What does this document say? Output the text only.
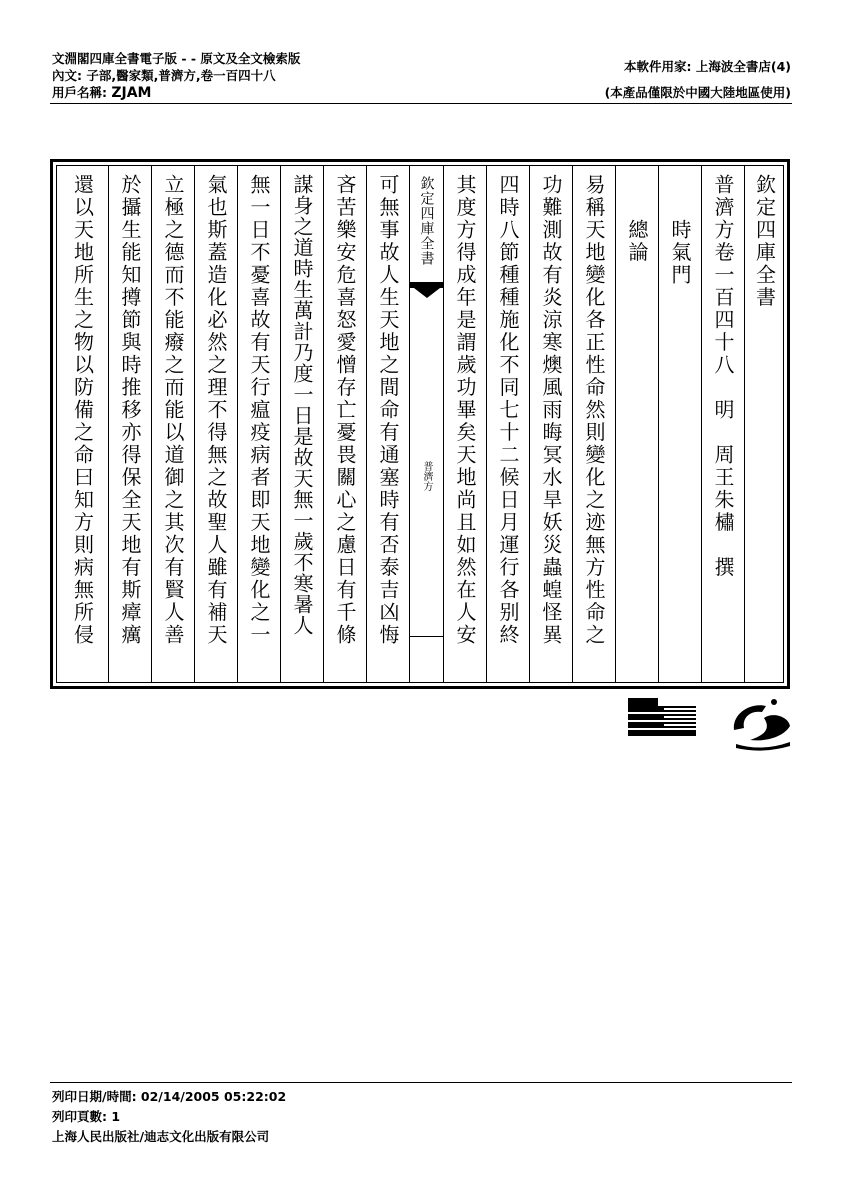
文淵閣四庫全書電子版 - - 原文及全文檢索版
內文: 子部,醫家類,普濟方,卷一百四十八
用戶名稱: ZJAM
本軟件用家: 上海波全書店(4)
(本產品僅限於中國大陸地區使用)
欽定四庫全書
普濟方卷一百四十八　明　周王朱橚　撰
　　時氣門
　　總論
易稱天地變化各正性命然則變化之迹無方性命之
功難測故有炎涼寒燠風雨晦冥水旱妖災蟲蝗怪異
四時八節種種施化不同七十二候日月運行各别終
其度方得成年是謂歲功畢矣天地尚且如然在人安
欽定四庫全書
普濟方
可無事故人生天地之間命有通塞時有否泰吉凶悔
吝苦樂安危喜怒愛憎存亡憂畏關心之慮日有千條
謀身之道時生萬計乃度一日是故天無一歲不寒暑人
無一日不憂喜故有天行瘟疫病者即天地變化之一
氣也斯蓋造化必然之理不得無之故聖人雖有補天
立極之德而不能癈之而能以道御之其次有賢人善
於攝生能知撙節與時推移亦得保全天地有斯瘴癘
還以天地所生之物以防備之命曰知方則病無所侵
列印日期/時間: 02/14/2005 05:22:02
列印頁數: 1
上海人民出版社/迪志文化出版有限公司
